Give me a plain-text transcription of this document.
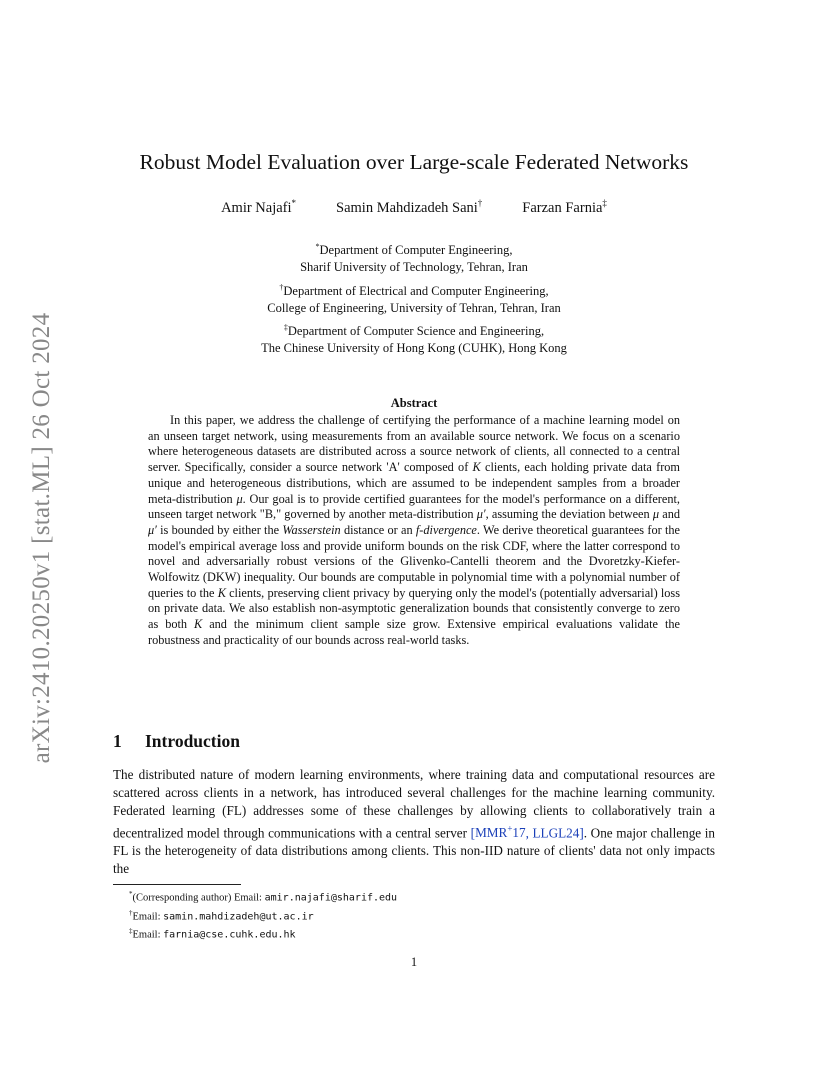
arXiv:2410.20250v1 [stat.ML] 26 Oct 2024
Robust Model Evaluation over Large-scale Federated Networks
Amir Najafi*	Samin Mahdizadeh Sani†	Farzan Farnia‡
*Department of Computer Engineering,
Sharif University of Technology, Tehran, Iran
†Department of Electrical and Computer Engineering,
College of Engineering, University of Tehran, Tehran, Iran
‡Department of Computer Science and Engineering,
The Chinese University of Hong Kong (CUHK), Hong Kong
Abstract
In this paper, we address the challenge of certifying the performance of a machine learning model on an unseen target network, using measurements from an available source network. We focus on a scenario where heterogeneous datasets are distributed across a source network of clients, all connected to a central server. Specifically, consider a source network 'A' composed of K clients, each holding private data from unique and heterogeneous distributions, which are assumed to be independent samples from a broader meta-distribution μ. Our goal is to provide certified guarantees for the model's performance on a different, unseen target network "B," governed by another meta-distribution μ′, assuming the deviation between μ and μ′ is bounded by either the Wasserstein distance or an f-divergence. We derive theoretical guarantees for the model's empirical average loss and provide uniform bounds on the risk CDF, where the latter correspond to novel and adversarially robust versions of the Glivenko-Cantelli theorem and the Dvoretzky-Kiefer-Wolfowitz (DKW) inequality. Our bounds are computable in polynomial time with a polynomial number of queries to the K clients, preserving client privacy by querying only the model's (potentially adversarial) loss on private data. We also establish non-asymptotic generalization bounds that consistently converge to zero as both K and the minimum client sample size grow. Extensive empirical evaluations validate the robustness and practicality of our bounds across real-world tasks.
1 Introduction
The distributed nature of modern learning environments, where training data and computational resources are scattered across clients in a network, has introduced several challenges for the machine learning community. Federated learning (FL) addresses some of these challenges by allowing clients to collaboratively train a decentralized model through communications with a central server [MMR+17, LLGL24]. One major challenge in FL is the heterogeneity of data distributions among clients. This non-IID nature of clients' data not only impacts the
*(Corresponding author) Email: amir.najafi@sharif.edu
†Email: samin.mahdizadeh@ut.ac.ir
‡Email: farnia@cse.cuhk.edu.hk
1
